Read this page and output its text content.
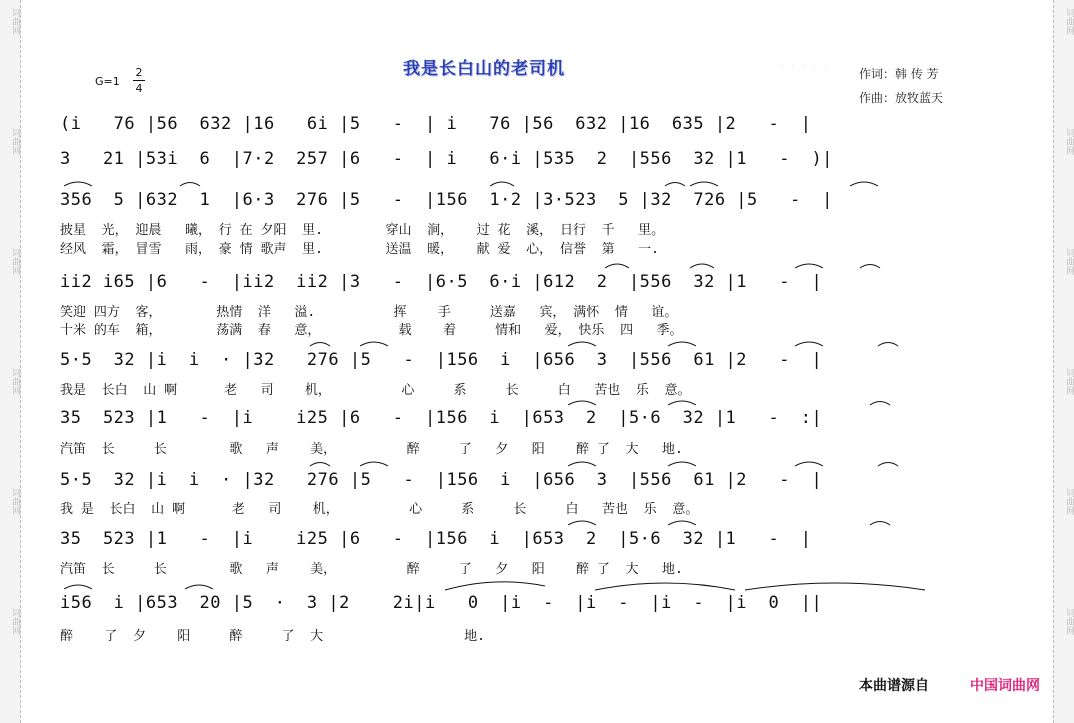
词曲网
词曲网
词曲网
词曲网
词曲网
词曲网
词曲网
词曲网
词曲网
词曲网
词曲网
词曲网
我是长白山的老司机	· · · · ·
作词：韩 传 芳
作曲：放牧蓝天
G=1
2
4
(i   76 |56  632 |16   6i |5   -  | i   76 |56  632 |16  635 |2   -  |
3   21 |53i  6  |7·2  257 |6   -  | i   6·i |535  2  |556  32 |1   -  )|
356  5 |632  1  |6·3  276 |5   -  |156  1·2 |3·523  5 |32  726 |5   -  |
披星  光， 迎晨   曦， 行 在 夕阳  里.        穿山  涧，   过 花  溪， 日行  千   里。
经风  霜， 冒雪   雨， 豪 情 歌声  里.        送温  暖，   献 爱  心， 信誉  第   一.
ii2 i65 |6   -  |ii2  ii2 |3   -  |6·5  6·i |612  2  |556  32 |1   -  |
笑迎 四方  客，       热情  洋   溢.          挥    手     送嘉   宾， 满怀  情   谊。
十米 的车  箱，       荡满  春   意，          载    着     情和   爱， 快乐  四   季。
5·5  32 |i  i  · |32   276 |5   -  |156  i  |656  3  |556  61 |2   -  |
我是  长白  山 啊      老   司    机，         心     系     长     白   苦也  乐  意。
35  523 |1   -  |i    i25 |6   -  |156  i  |653  2  |5·6  32 |1   -  :|
汽笛  长     长        歌   声    美，         醉     了   夕   阳    醉 了  大   地.
5·5  32 |i  i  · |32   276 |5   -  |156  i  |656  3  |556  61 |2   -  |
我 是  长白  山 啊      老   司    机，         心     系     长     白   苦也  乐  意。
35  523 |1   -  |i    i25 |6   -  |156  i  |653  2  |5·6  32 |1   -  |
汽笛  长     长        歌   声    美，         醉     了   夕   阳    醉 了  大   地.
i56  i |653  20 |5  ·  3 |2    2i|i   0  |i  -  |i  -  |i  -  |i  0  ||
醉    了  夕    阳     醉     了  大                  地.
本曲谱源自	中国词曲网
